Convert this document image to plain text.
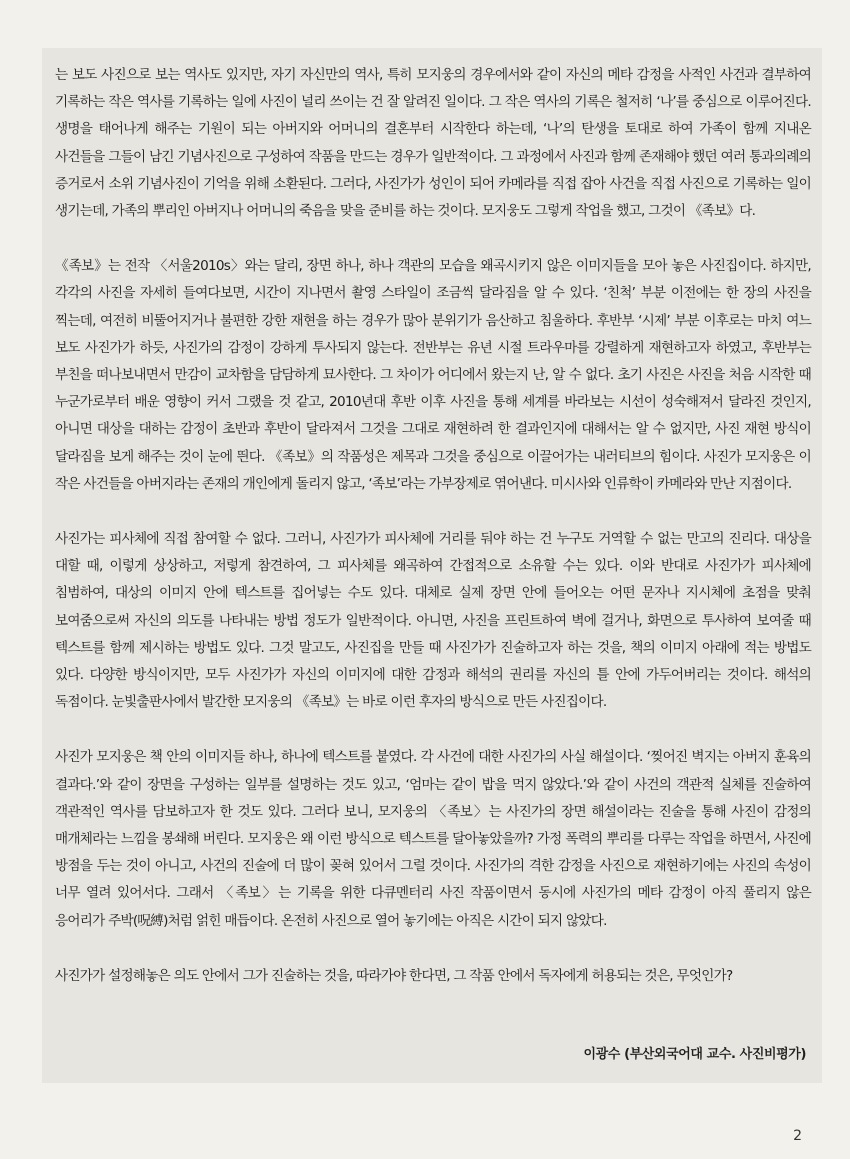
는 보도 사진으로 보는 역사도 있지만, 자기 자신만의 역사, 특히 모지웅의 경우에서와 같이 자신의 메타 감정을 사적인 사건과 결부하여 기록하는 작은 역사를 기록하는 일에 사진이 널리 쓰이는 건 잘 알려진 일이다. 그 작은 역사의 기록은 철저히 ‘나’를 중심으로 이루어진다. 생명을 태어나게 해주는 기원이 되는 아버지와 어머니의 결혼부터 시작한다 하는데, ‘나’의 탄생을 토대로 하여 가족이 함께 지내온 사건들을 그들이 남긴 기념사진으로 구성하여 작품을 만드는 경우가 일반적이다. 그 과정에서 사진과 함께 존재해야 했던 여러 통과의례의 증거로서 소위 기념사진이 기억을 위해 소환된다. 그러다, 사진가가 성인이 되어 카메라를 직접 잡아 사건을 직접 사진으로 기록하는 일이 생기는데, 가족의 뿌리인 아버지나 어머니의 죽음을 맞을 준비를 하는 것이다. 모지웅도 그렇게 작업을 했고, 그것이 《족보》다.

《족보》는 전작 〈서울2010s〉와는 달리, 장면 하나, 하나 객관의 모습을 왜곡시키지 않은 이미지들을 모아 놓은 사진집이다. 하지만, 각각의 사진을 자세히 들여다보면, 시간이 지나면서 촬영 스타일이 조금씩 달라짐을 알 수 있다. ‘친척’ 부분 이전에는 한 장의 사진을 찍는데, 여전히 비뚤어지거나 불편한 강한 재현을 하는 경우가 많아 분위기가 음산하고 침울하다. 후반부 ‘시제’ 부분 이후로는 마치 여느 보도 사진가가 하듯, 사진가의 감정이 강하게 투사되지 않는다. 전반부는 유년 시절 트라우마를 강렬하게 재현하고자 하였고, 후반부는 부친을 떠나보내면서 만감이 교차함을 담담하게 묘사한다. 그 차이가 어디에서 왔는지 난, 알 수 없다. 초기 사진은 사진을 처음 시작한 때 누군가로부터 배운 영향이 커서 그랬을 것 같고, 2010년대 후반 이후 사진을 통해 세계를 바라보는 시선이 성숙해져서 달라진 것인지, 아니면 대상을 대하는 감정이 초반과 후반이 달라져서 그것을 그대로 재현하려 한 결과인지에 대해서는 알 수 없지만, 사진 재현 방식이 달라짐을 보게 해주는 것이 눈에 띈다. 《족보》의 작품성은 제목과 그것을 중심으로 이끌어가는 내러티브의 힘이다. 사진가 모지웅은 이 작은 사건들을 아버지라는 존재의 개인에게 돌리지 않고, ‘족보’라는 가부장제로 엮어낸다. 미시사와 인류학이 카메라와 만난 지점이다.

사진가는 피사체에 직접 참여할 수 없다. 그러니, 사진가가 피사체에 거리를 둬야 하는 건 누구도 거역할 수 없는 만고의 진리다. 대상을 대할 때, 이렇게 상상하고, 저렇게 참견하여, 그 피사체를 왜곡하여 간접적으로 소유할 수는 있다. 이와 반대로 사진가가 피사체에 침범하여, 대상의 이미지 안에 텍스트를 집어넣는 수도 있다. 대체로 실제 장면 안에 들어오는 어떤 문자나 지시체에 초점을 맞춰 보여줌으로써 자신의 의도를 나타내는 방법 정도가 일반적이다. 아니면, 사진을 프린트하여 벽에 걸거나, 화면으로 투사하여 보여줄 때 텍스트를 함께 제시하는 방법도 있다. 그것 말고도, 사진집을 만들 때 사진가가 진술하고자 하는 것을, 책의 이미지 아래에 적는 방법도 있다. 다양한 방식이지만, 모두 사진가가 자신의 이미지에 대한 감정과 해석의 권리를 자신의 틀 안에 가두어버리는 것이다. 해석의 독점이다. 눈빛출판사에서 발간한 모지웅의 《족보》는 바로 이런 후자의 방식으로 만든 사진집이다.

사진가 모지웅은 책 안의 이미지들 하나, 하나에 텍스트를 붙였다. 각 사건에 대한 사진가의 사실 해설이다. ‘찢어진 벽지는 아버지 훈육의 결과다.’와 같이 장면을 구성하는 일부를 설명하는 것도 있고, ‘엄마는 같이 밥을 먹지 않았다.’와 같이 사건의 객관적 실체를 진술하여 객관적인 역사를 담보하고자 한 것도 있다. 그러다 보니, 모지웅의 〈족보〉는 사진가의 장면 해설이라는 진술을 통해 사진이 감정의 매개체라는 느낌을 봉쇄해 버린다. 모지웅은 왜 이런 방식으로 텍스트를 달아놓았을까? 가정 폭력의 뿌리를 다루는 작업을 하면서, 사진에 방점을 두는 것이 아니고, 사건의 진술에 더 많이 꽂혀 있어서 그럴 것이다. 사진가의 격한 감정을 사진으로 재현하기에는 사진의 속성이 너무 열려 있어서다. 그래서 〈족보〉는 기록을 위한 다큐멘터리 사진 작품이면서 동시에 사진가의 메타 감정이 아직 풀리지 않은 응어리가 주박(呪縛)처럼 얽힌 매듭이다. 온전히 사진으로 열어 놓기에는 아직은 시간이 되지 않았다.

사진가가 설정해놓은 의도 안에서 그가 진술하는 것을, 따라가야 한다면, 그 작품 안에서 독자에게 허용되는 것은, 무엇인가?

이광수 (부산외국어대 교수. 사진비평가)
2
